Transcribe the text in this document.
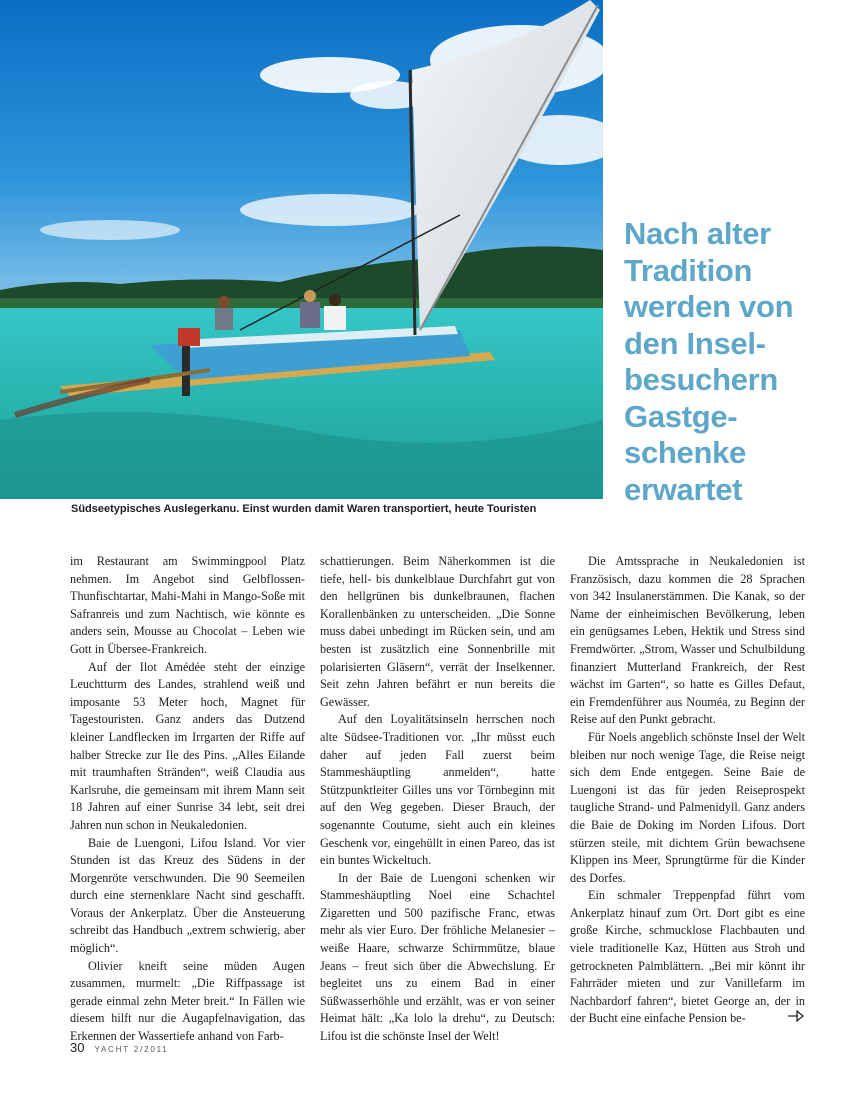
Südseetypisches Auslegerkanu. Einst wurden damit Waren transportiert, heute Touristen
Nach alter
Tradition
werden von
den Insel-
besuchern
Gastge-
schenke
erwartet

im Restaurant am Swimmingpool Platz nehmen. Im Angebot sind Gelbflossen-Thunfischtartar, Mahi-Mahi in Mango-Soße mit Safranreis und zum Nachtisch, wie könnte es anders sein, Mousse au Chocolat – Leben wie Gott in Übersee-Frankreich.

Auf der Ilot Amédée steht der einzige Leuchtturm des Landes, strahlend weiß und imposante 53 Meter hoch, Magnet für Tagestouristen. Ganz anders das Dutzend kleiner Landflecken im Irrgarten der Riffe auf halber Strecke zur Ile des Pins. „Alles Eilande mit traumhaften Stränden“, weiß Claudia aus Karlsruhe, die gemeinsam mit ihrem Mann seit 18 Jahren auf einer Sunrise 34 lebt, seit drei Jahren nun schon in Neukaledonien.

Baie de Luengoni, Lifou Island. Vor vier Stunden ist das Kreuz des Südens in der Morgenröte verschwunden. Die 90 Seemeilen durch eine sternenklare Nacht sind geschafft. Voraus der Ankerplatz. Über die Ansteuerung schreibt das Handbuch „extrem schwierig, aber möglich“.

Olivier kneift seine müden Augen zusammen, murmelt: „Die Riffpassage ist gerade einmal zehn Meter breit.“ In Fällen wie diesem hilft nur die Augapfelnavigation, das Erkennen der Wassertiefe anhand von Farb-

schattierungen. Beim Näherkommen ist die tiefe, hell- bis dunkelblaue Durchfahrt gut von den hellgrünen bis dunkelbraunen, flachen Korallenbänken zu unterscheiden. „Die Sonne muss dabei unbedingt im Rücken sein, und am besten ist zusätzlich eine Sonnenbrille mit polarisierten Gläsern“, verrät der Inselkenner. Seit zehn Jahren befährt er nun bereits die Gewässer.

Auf den Loyalitätsinseln herrschen noch alte Südsee-Traditionen vor. „Ihr müsst euch daher auf jeden Fall zuerst beim Stammeshäuptling anmelden“, hatte Stützpunktleiter Gilles uns vor Törnbeginn mit auf den Weg gegeben. Dieser Brauch, der sogenannte Coutume, sieht auch ein kleines Geschenk vor, eingehüllt in einen Pareo, das ist ein buntes Wickeltuch.

In der Baie de Luengoni schenken wir Stammeshäuptling Noel eine Schachtel Zigaretten und 500 pazifische Franc, etwas mehr als vier Euro. Der fröhliche Melanesier – weiße Haare, schwarze Schirmmütze, blaue Jeans – freut sich über die Abwechslung. Er begleitet uns zu einem Bad in einer Süßwasserhöhle und erzählt, was er von seiner Heimat hält: „Ka lolo la drehu“, zu Deutsch: Lifou ist die schönste Insel der Welt!

Die Amtssprache in Neukaledonien ist Französisch, dazu kommen die 28 Sprachen von 342 Insulanerstämmen. Die Kanak, so der Name der einheimischen Bevölkerung, leben ein genügsames Leben, Hektik und Stress sind Fremdwörter. „Strom, Wasser und Schulbildung finanziert Mutterland Frankreich, der Rest wächst im Garten“, so hatte es Gilles Defaut, ein Fremdenführer aus Nouméa, zu Beginn der Reise auf den Punkt gebracht.

Für Noels angeblich schönste Insel der Welt bleiben nur noch wenige Tage, die Reise neigt sich dem Ende entgegen. Seine Baie de Luengoni ist das für jeden Reiseprospekt taugliche Strand- und Palmenidyll. Ganz anders die Baie de Doking im Norden Lifous. Dort stürzen steile, mit dichtem Grün bewachsene Klippen ins Meer, Sprungtürme für die Kinder des Dorfes.

Ein schmaler Treppenpfad führt vom Ankerplatz hinauf zum Ort. Dort gibt es eine große Kirche, schmucklose Flachbauten und viele traditionelle Kaz, Hütten aus Stroh und getrockneten Palmblättern. „Bei mir könnt ihr Fahrräder mieten und zur Vanillefarm im Nachbardorf fahren“, bietet George an, der in der Bucht eine einfache Pension be-

30 YACHT 2/2011
